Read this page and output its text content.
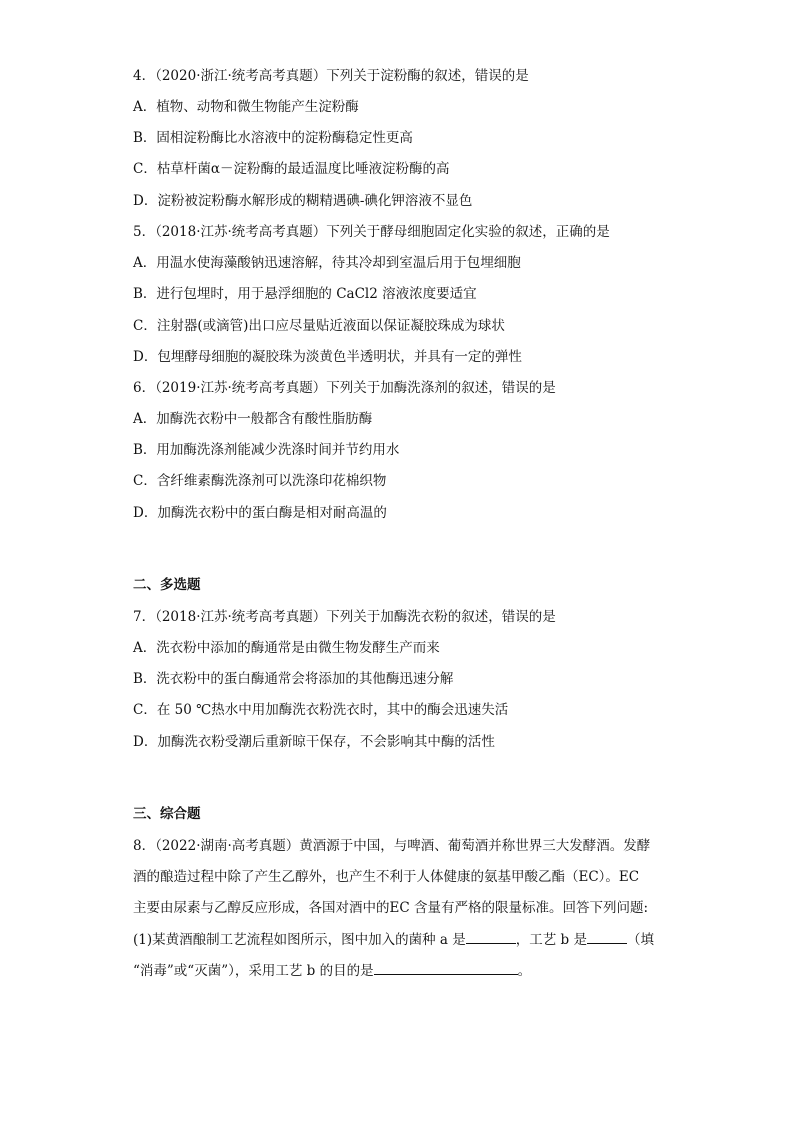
4．（2020·浙江·统考高考真题）下列关于淀粉酶的叙述，错误的是
A．植物、动物和微生物能产生淀粉酶
B．固相淀粉酶比水溶液中的淀粉酶稳定性更高
C．枯草杆菌α－淀粉酶的最适温度比唾液淀粉酶的高
D．淀粉被淀粉酶水解形成的糊精遇碘-碘化钾溶液不显色
5．（2018·江苏·统考高考真题）下列关于酵母细胞固定化实验的叙述，正确的是
A．用温水使海藻酸钠迅速溶解，待其冷却到室温后用于包埋细胞
B．进行包埋时，用于悬浮细胞的 CaCl2 溶液浓度要适宜
C．注射器(或滴管)出口应尽量贴近液面以保证凝胶珠成为球状
D．包埋酵母细胞的凝胶珠为淡黄色半透明状，并具有一定的弹性
6．（2019·江苏·统考高考真题）下列关于加酶洗涤剂的叙述，错误的是
A．加酶洗衣粉中一般都含有酸性脂肪酶
B．用加酶洗涤剂能减少洗涤时间并节约用水
C．含纤维素酶洗涤剂可以洗涤印花棉织物
D．加酶洗衣粉中的蛋白酶是相对耐高温的
二、多选题
7．（2018·江苏·统考高考真题）下列关于加酶洗衣粉的叙述，错误的是
A．洗衣粉中添加的酶通常是由微生物发酵生产而来
B．洗衣粉中的蛋白酶通常会将添加的其他酶迅速分解
C．在 50 ℃热水中用加酶洗衣粉洗衣时，其中的酶会迅速失活
D．加酶洗衣粉受潮后重新晾干保存，不会影响其中酶的活性
三、综合题
8．（2022·湖南·高考真题）黄酒源于中国，与啤酒、葡萄酒并称世界三大发酵酒。发酵
酒的酿造过程中除了产生乙醇外，也产生不利于人体健康的氨基甲酸乙酯（EC）。EC
主要由尿素与乙醇反应形成，各国对酒中的EC 含量有严格的限量标准。回答下列问题:
(1)某黄酒酿制工艺流程如图所示，图中加入的菌种 a 是	，工艺 b 是	（填
“消毒”或“灭菌”），采用工艺 b 的目的是	。
